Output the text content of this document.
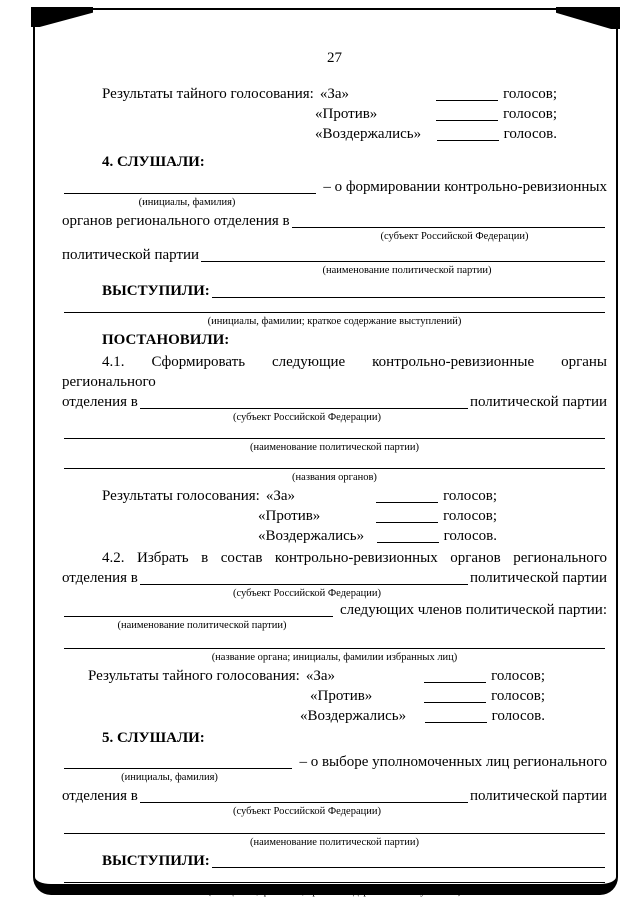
27
Результаты тайного голосования: «За»	голосов;
«Против»	голосов;
«Воздержались»	голосов.
4. СЛУШАЛИ:
– о формировании контрольно-ревизионных
(инициалы, фамилия)
органов регионального отделения в
(субъект Российской Федерации)
политической партии
(наименование политической партии)
ВЫСТУПИЛИ:
(инициалы, фамилии; краткое содержание выступлений)
ПОСТАНОВИЛИ:
4.1. Сформировать следующие контрольно-ревизионные органы регионального
отделения в	политической партии
(субъект Российской Федерации)
(наименование политической партии)
(названия органов)
Результаты голосования: «За»	голосов;
«Против»	голосов;
«Воздержались»	голосов.
4.2. Избрать в состав контрольно-ревизионных органов регионального
отделения в	политической партии
(субъект Российской Федерации)
следующих членов политической партии:
(наименование политической партии)
(название органа; инициалы, фамилии избранных лиц)
Результаты тайного голосования: «За»	голосов;
«Против»	голосов;
«Воздержались»	голосов.
5. СЛУШАЛИ:
– о выборе уполномоченных лиц регионального
(инициалы, фамилия)
отделения в	политической партии
(субъект Российской Федерации)
(наименование политической партии)
ВЫСТУПИЛИ:
(инициалы, фамилии; краткое содержание выступлений)
